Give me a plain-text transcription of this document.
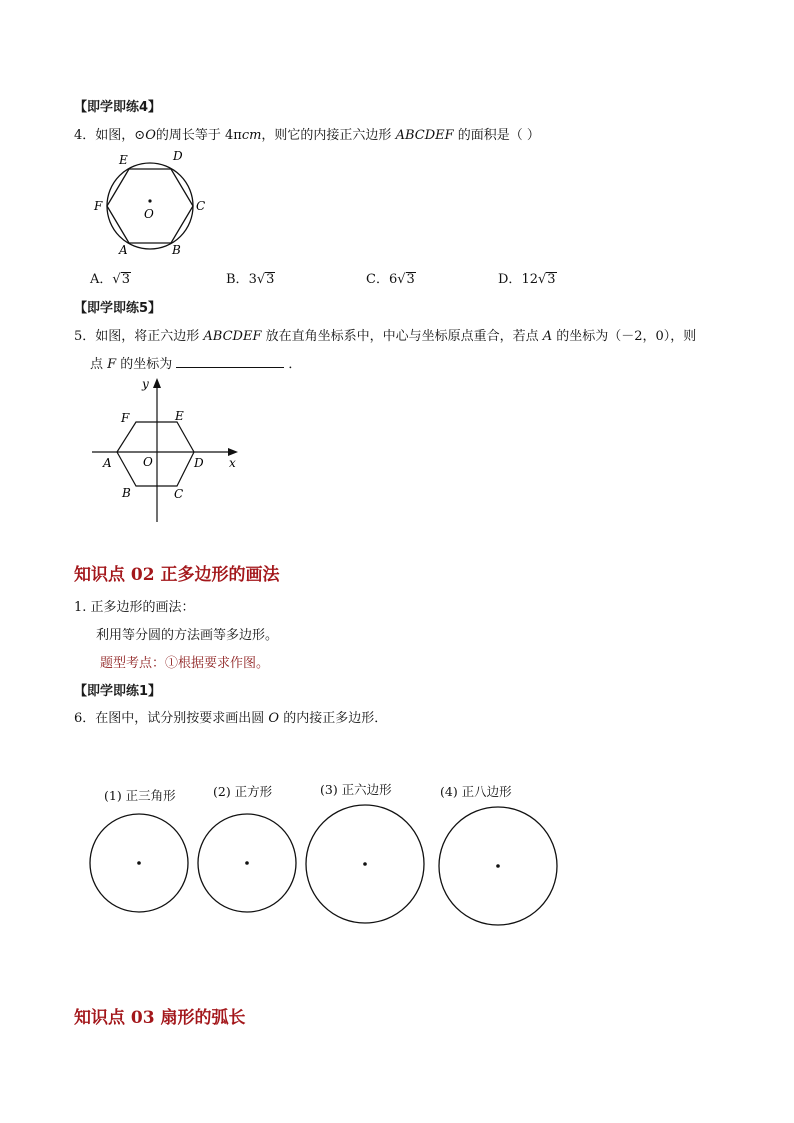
【即学即练4】
4．如图，⊙O的周长等于 4πcm，则它的内接正六边形 ABCDEF 的面积是（ ）
E	D
F	C
O
A	B
A．√3	B．3√3	C．6√3	D．12√3
【即学即练5】
5．如图，将正六边形 ABCDEF 放在直角坐标系中，中心与坐标原点重合，若点 A 的坐标为（－2，0），则
点 F 的坐标为	．
y
x
F	E
A	O	D
B	C
知识点 02 正多边形的画法
1. 正多边形的画法：
利用等分圆的方法画等多边形。
题型考点：①根据要求作图。
【即学即练1】
6．在图中，试分别按要求画出圆 O 的内接正多边形．
(1) 正三角形	(2) 正方形	(3) 正六边形	(4) 正八边形
知识点 03 扇形的弧长
